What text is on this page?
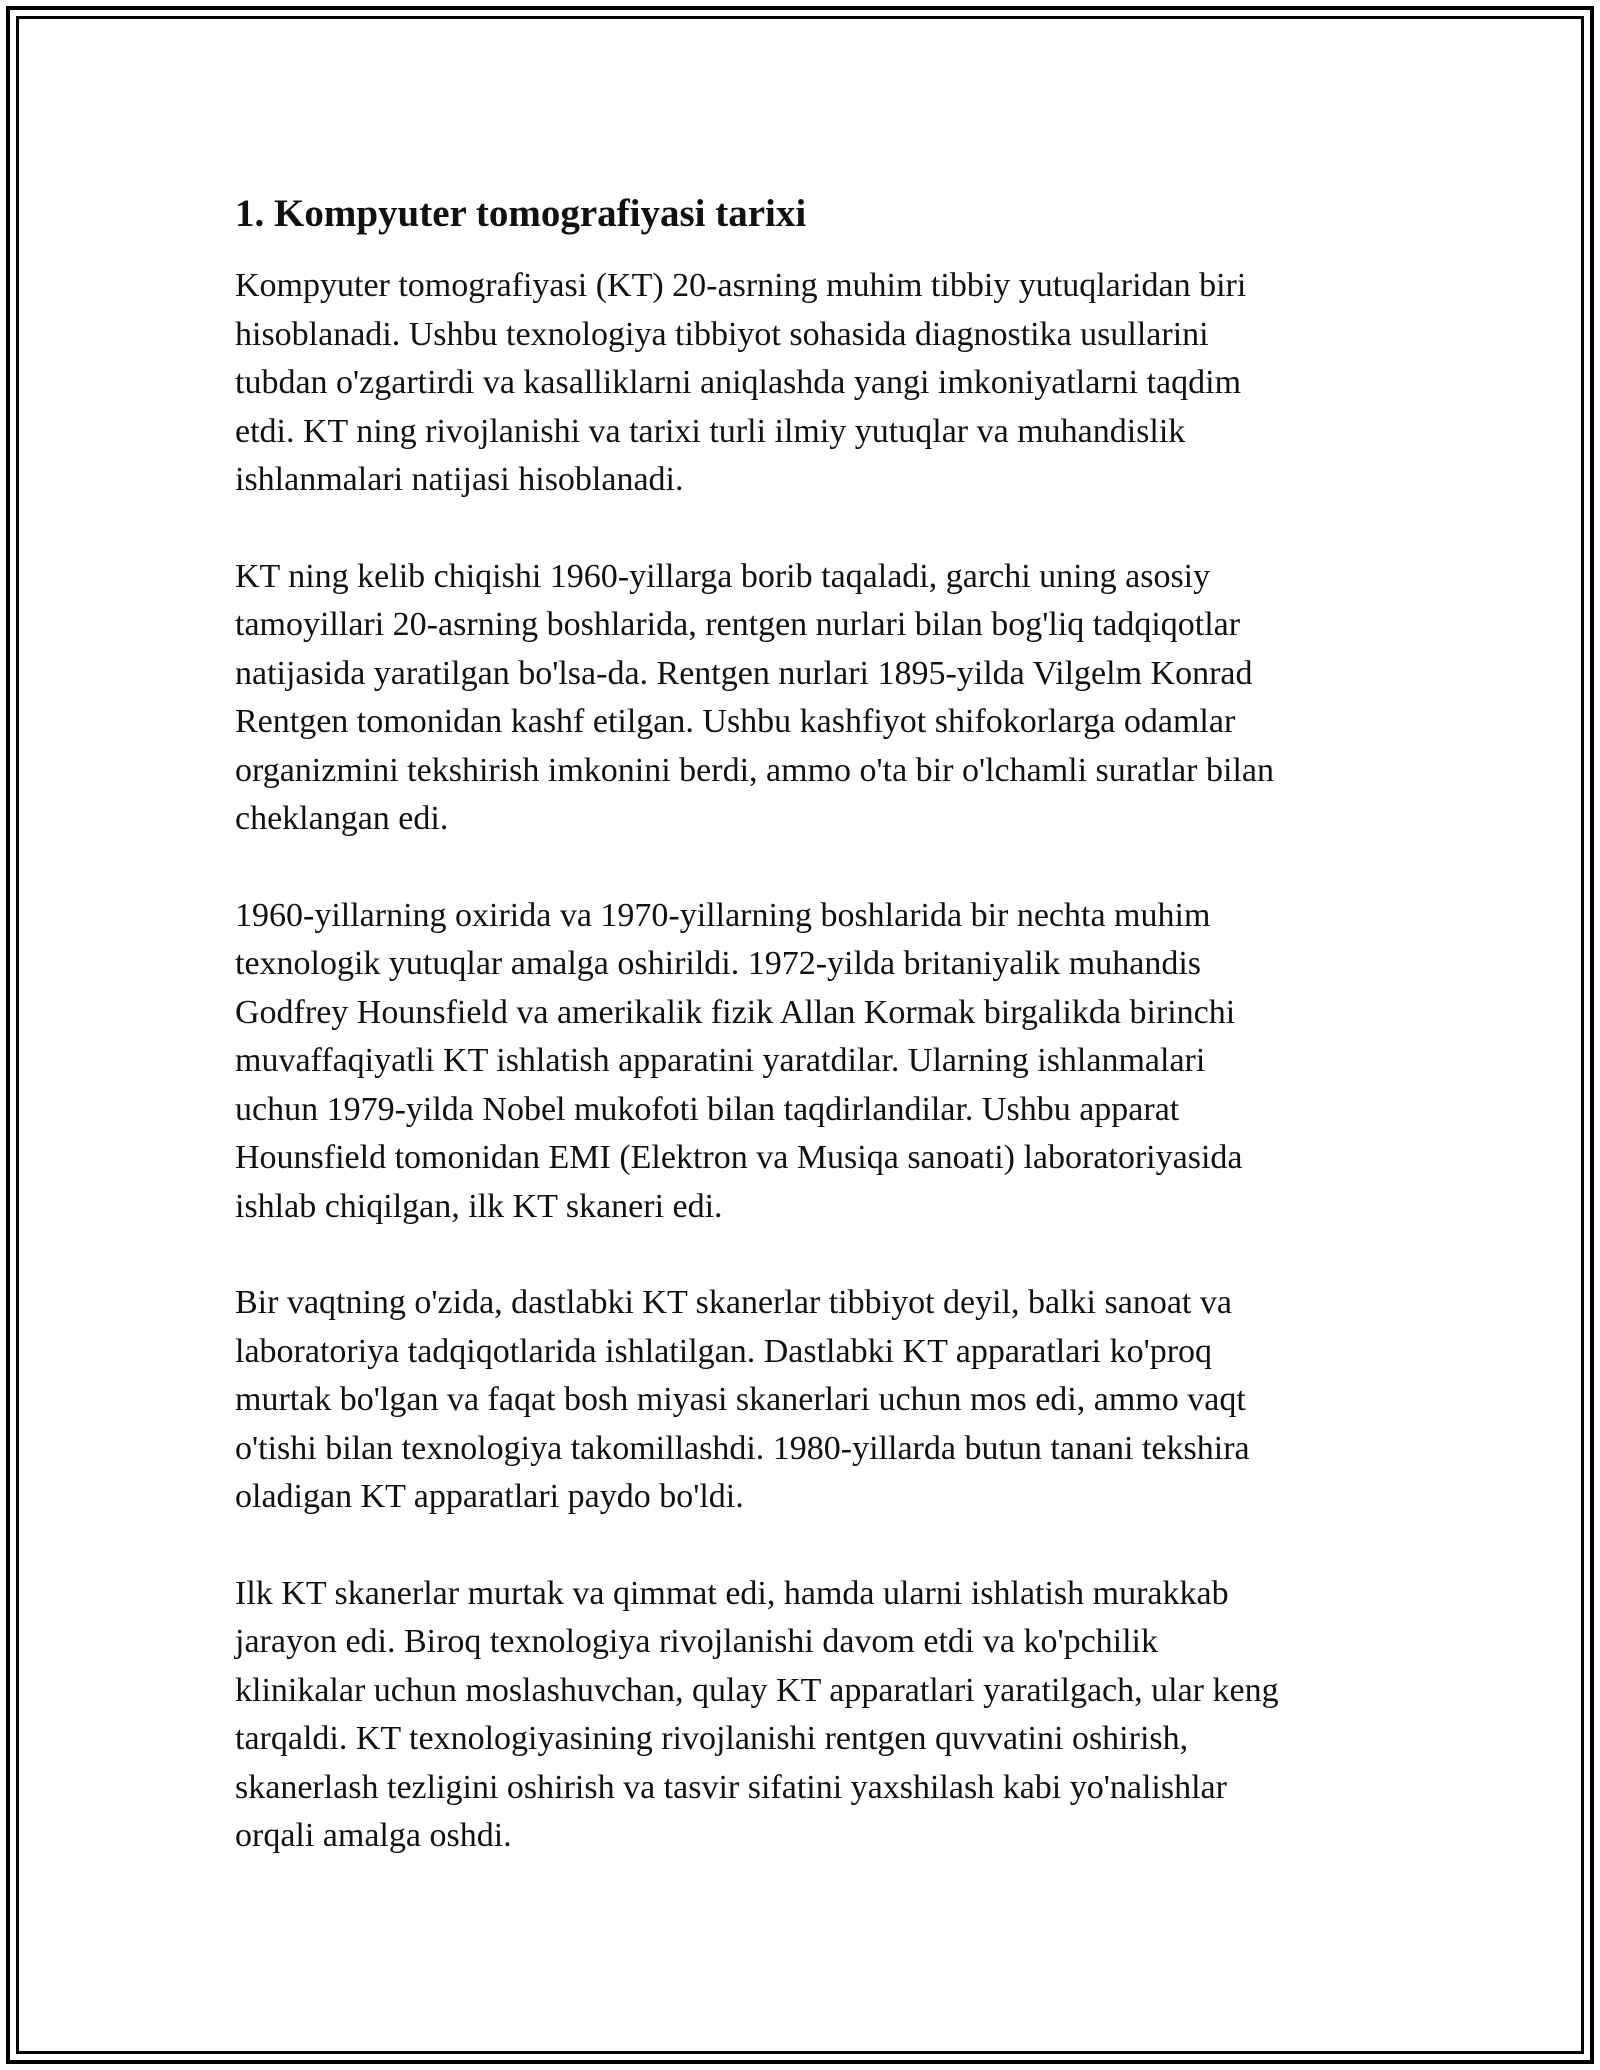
1. Kompyuter tomografiyasi tarixi

Kompyuter tomografiyasi (KT) 20-asrning muhim tibbiy yutuqlaridan biri
hisoblanadi. Ushbu texnologiya tibbiyot sohasida diagnostika usullarini
tubdan o'zgartirdi va kasalliklarni aniqlashda yangi imkoniyatlarni taqdim
etdi. KT ning rivojlanishi va tarixi turli ilmiy yutuqlar va muhandislik
ishlanmalari natijasi hisoblanadi.

KT ning kelib chiqishi 1960-yillarga borib taqaladi, garchi uning asosiy
tamoyillari 20-asrning boshlarida, rentgen nurlari bilan bog'liq tadqiqotlar
natijasida yaratilgan bo'lsa-da. Rentgen nurlari 1895-yilda Vilgelm Konrad
Rentgen tomonidan kashf etilgan. Ushbu kashfiyot shifokorlarga odamlar
organizmini tekshirish imkonini berdi, ammo o'ta bir o'lchamli suratlar bilan
cheklangan edi.

1960-yillarning oxirida va 1970-yillarning boshlarida bir nechta muhim
texnologik yutuqlar amalga oshirildi. 1972-yilda britaniyalik muhandis
Godfrey Hounsfield va amerikalik fizik Allan Kormak birgalikda birinchi
muvaffaqiyatli KT ishlatish apparatini yaratdilar. Ularning ishlanmalari
uchun 1979-yilda Nobel mukofoti bilan taqdirlandilar. Ushbu apparat
Hounsfield tomonidan EMI (Elektron va Musiqa sanoati) laboratoriyasida
ishlab chiqilgan, ilk KT skaneri edi.

Bir vaqtning o'zida, dastlabki KT skanerlar tibbiyot deyil, balki sanoat va
laboratoriya tadqiqotlarida ishlatilgan. Dastlabki KT apparatlari ko'proq
murtak bo'lgan va faqat bosh miyasi skanerlari uchun mos edi, ammo vaqt
o'tishi bilan texnologiya takomillashdi. 1980-yillarda butun tanani tekshira
oladigan KT apparatlari paydo bo'ldi.

Ilk KT skanerlar murtak va qimmat edi, hamda ularni ishlatish murakkab
jarayon edi. Biroq texnologiya rivojlanishi davom etdi va ko'pchilik
klinikalar uchun moslashuvchan, qulay KT apparatlari yaratilgach, ular keng
tarqaldi. KT texnologiyasining rivojlanishi rentgen quvvatini oshirish,
skanerlash tezligini oshirish va tasvir sifatini yaxshilash kabi yo'nalishlar
orqali amalga oshdi.
